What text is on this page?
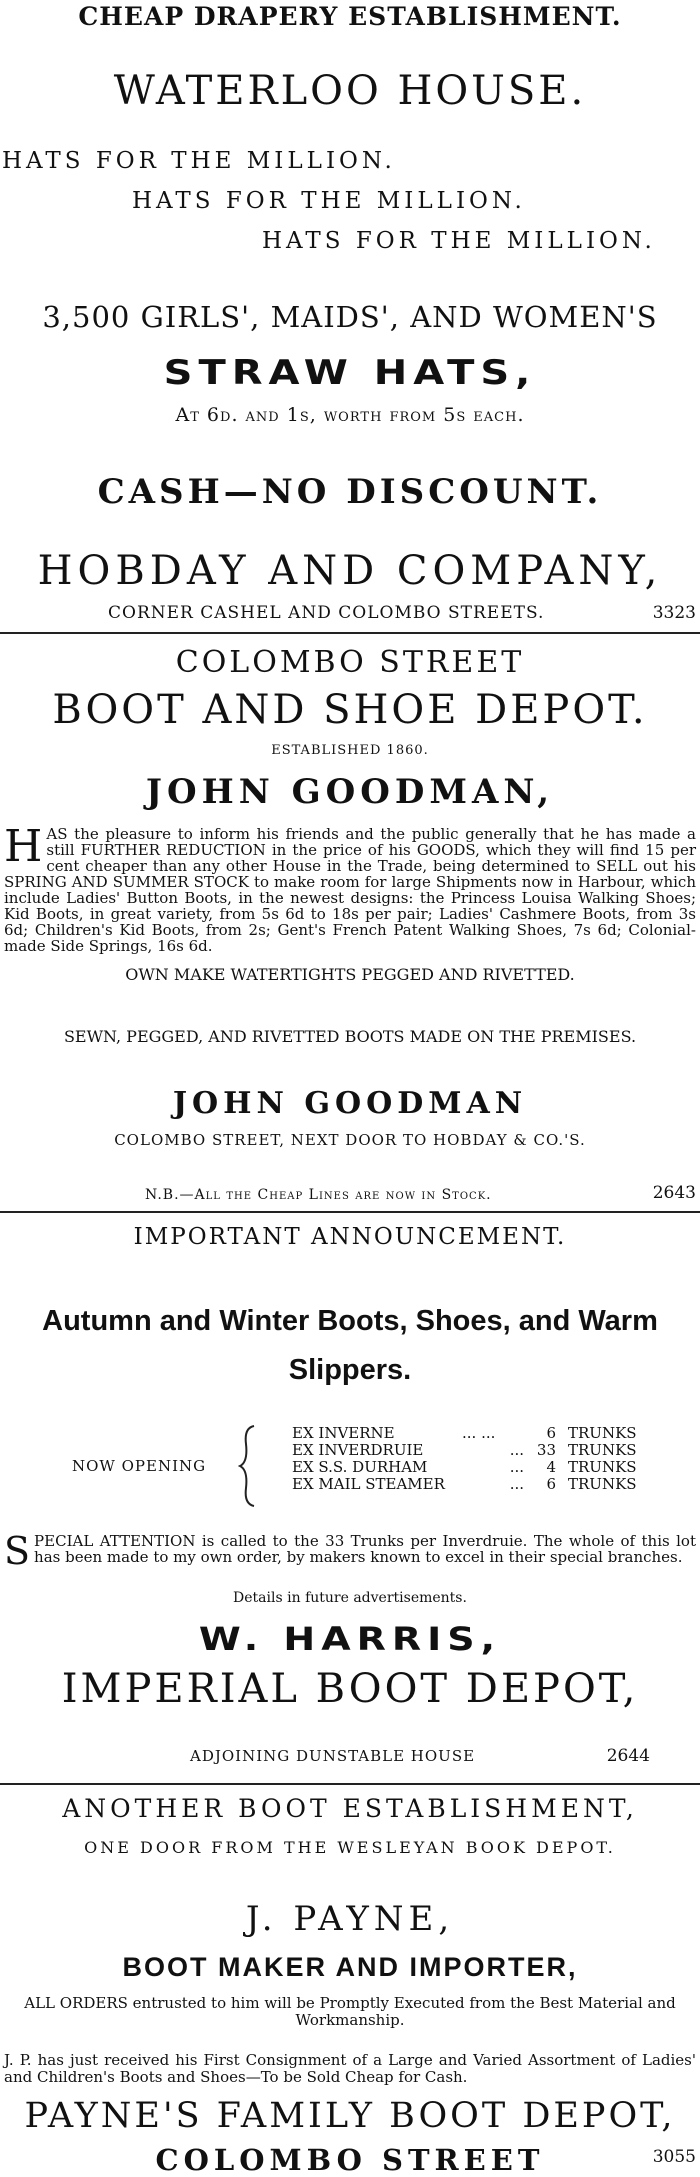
CHEAP DRAPERY ESTABLISHMENT.
WATERLOO HOUSE.
HATS FOR THE MILLION.
HATS FOR THE MILLION.
HATS FOR THE MILLION.
3,500 GIRLS', MAIDS', AND WOMEN'S
STRAW HATS,
At 6d. and 1s, worth from 5s each.
CASH—NO DISCOUNT.
HOBDAY AND COMPANY,
CORNER CASHEL AND COLOMBO STREETS.	3323
COLOMBO STREET
BOOT AND SHOE DEPOT.
ESTABLISHED 1860.
JOHN GOODMAN,
H AS the pleasure to inform his friends and the public generally that he has made a still FURTHER REDUCTION in the price of his GOODS, which they will find 15 per cent cheaper than any other House in the Trade, being determined to SELL out his SPRING AND SUMMER STOCK to make room for large Shipments now in Harbour, which include Ladies' Button Boots, in the newest designs: the Princess Louisa Walking Shoes; Kid Boots, in great variety, from 5s 6d to 18s per pair; Ladies' Cashmere Boots, from 3s 6d; Children's Kid Boots, from 2s; Gent's French Patent Walking Shoes, 7s 6d; Colonial-made Side Springs, 16s 6d.
OWN MAKE WATERTIGHTS PEGGED AND RIVETTED.
SEWN, PEGGED, AND RIVETTED BOOTS MADE ON THE PREMISES.
JOHN GOODMAN
COLOMBO STREET, NEXT DOOR TO HOBDAY & CO.'S.
N.B.—All the Cheap Lines are now in Stock.	2643
IMPORTANT ANNOUNCEMENT.
Autumn and Winter Boots, Shoes, and Warm
Slippers.
NOW OPENING
EX INVERNE	... ...	6 TRUNKS
EX INVERDRUIE	... 33 TRUNKS
EX S.S. DURHAM	...	4 TRUNKS
EX MAIL STEAMER	...	6 TRUNKS
S PECIAL ATTENTION is called to the 33 Trunks per Inverdruie. The whole of this lot has been made to my own order, by makers known to excel in their special branches.
Details in future advertisements.
W. HARRIS,
IMPERIAL BOOT DEPOT,
ADJOINING DUNSTABLE HOUSE	2644
ANOTHER BOOT ESTABLISHMENT,
ONE DOOR FROM THE WESLEYAN BOOK DEPOT.
J. PAYNE,
BOOT MAKER AND IMPORTER,
ALL ORDERS entrusted to him will be Promptly Executed from the Best Material and Workmanship.
J. P. has just received his First Consignment of a Large and Varied Assortment of Ladies' and Children's Boots and Shoes—To be Sold Cheap for Cash.
PAYNE'S FAMILY BOOT DEPOT,
COLOMBO STREET	3055
